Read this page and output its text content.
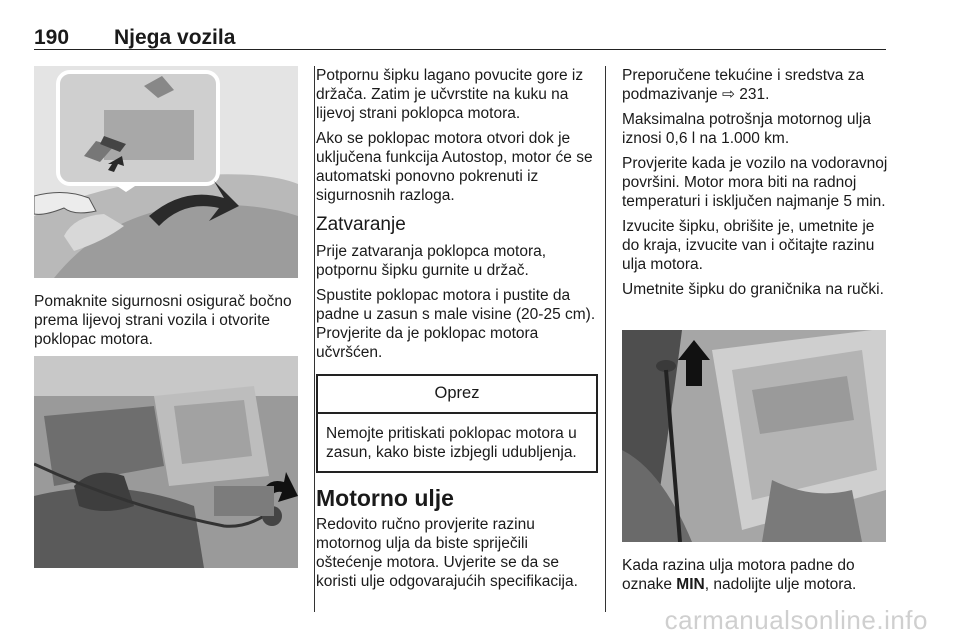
190 Njega vozila

Pomaknite sigurnosni osigurač bočno prema lijevoj strani vozila i otvorite poklopac motora.

Potpornu šipku lagano povucite gore iz držača. Zatim je učvrstite na kuku na lijevoj strani poklopca motora.

Ako se poklopac motora otvori dok je uključena funkcija Autostop, motor će se automatski ponovno pokrenuti iz sigurnosnih razloga.

Zatvaranje

Prije zatvaranja poklopca motora, potpornu šipku gurnite u držač.

Spustite poklopac motora i pustite da padne u zasun s male visine (20-25 cm). Provjerite da je poklopac motora učvršćen.

Oprez
Nemojte pritiskati poklopac motora u zasun, kako biste izbjegli udubljenja.
Motorno ulje

Redovito ručno provjerite razinu motornog ulja da biste spriječili oštećenje motora. Uvjerite se da se koristi ulje odgovarajućih specifikacija.

Preporučene tekućine i sredstva za podmazivanje ⇨ 231.

Maksimalna potrošnja motornog ulja iznosi 0,6 l na 1.000 km.

Provjerite kada je vozilo na vodoravnoj površini. Motor mora biti na radnoj temperaturi i isključen najmanje 5 min.

Izvucite šipku, obrišite je, umetnite je do kraja, izvucite van i očitajte razinu ulja motora.

Umetnite šipku do graničnika na ručki.

Kada razina ulja motora padne do oznake MIN, nadolijte ulje motora.

carmanualsonline.info
